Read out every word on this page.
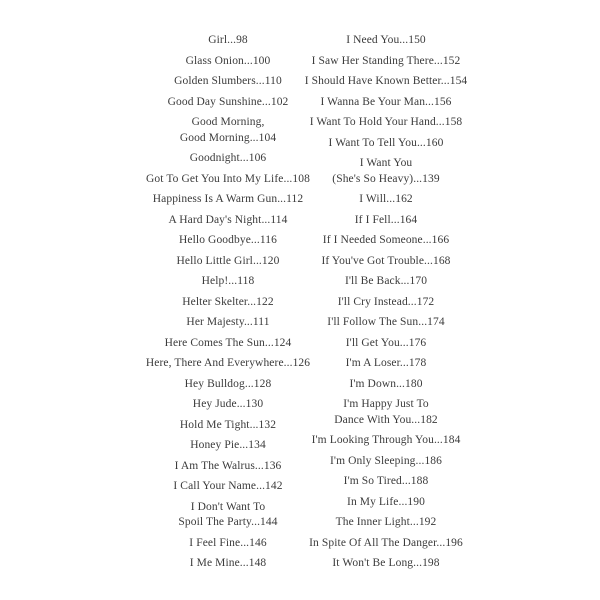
Girl...98
Glass Onion...100
Golden Slumbers...110
Good Day Sunshine...102
Good Morning,
Good Morning...104
Goodnight...106
Got To Get You Into My Life...108
Happiness Is A Warm Gun...112
A Hard Day's Night...114
Hello Goodbye...116
Hello Little Girl...120
Help!...118
Helter Skelter...122
Her Majesty...111
Here Comes The Sun...124
Here, There And Everywhere...126
Hey Bulldog...128
Hey Jude...130
Hold Me Tight...132
Honey Pie...134
I Am The Walrus...136
I Call Your Name...142
I Don't Want To
Spoil The Party...144
I Feel Fine...146
I Me Mine...148
I Need You...150
I Saw Her Standing There...152
I Should Have Known Better...154
I Wanna Be Your Man...156
I Want To Hold Your Hand...158
I Want To Tell You...160
I Want You
(She's So Heavy)...139
I Will...162
If I Fell...164
If I Needed Someone...166
If You've Got Trouble...168
I'll Be Back...170
I'll Cry Instead...172
I'll Follow The Sun...174
I'll Get You...176
I'm A Loser...178
I'm Down...180
I'm Happy Just To
Dance With You...182
I'm Looking Through You...184
I'm Only Sleeping...186
I'm So Tired...188
In My Life...190
The Inner Light...192
In Spite Of All The Danger...196
It Won't Be Long...198
